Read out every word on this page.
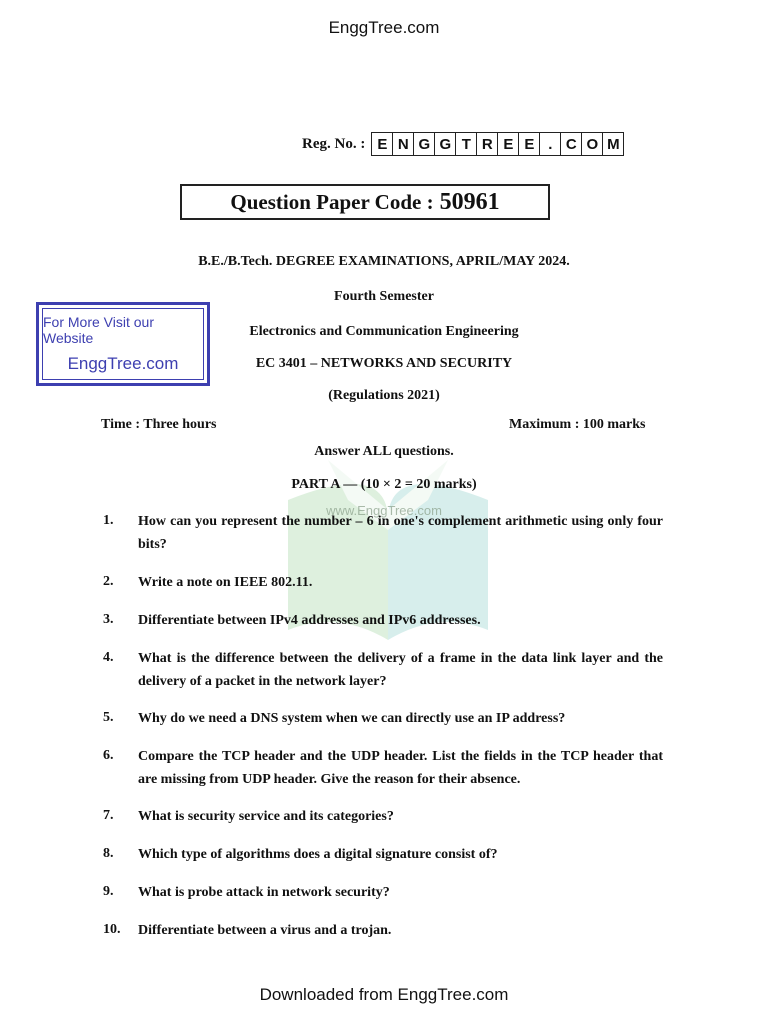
EnggTree.com
www.EnggTree.com
Reg. No. : E N G G T R E E . C O M
Question Paper Code : 50961
B.E./B.Tech. DEGREE EXAMINATIONS, APRIL/MAY 2024.
Fourth Semester
Electronics and Communication Engineering
EC 3401 – NETWORKS AND SECURITY
(Regulations 2021)
For More Visit our Website
EnggTree.com
Time : Three hours	Maximum : 100 marks
Answer ALL questions.
PART A — (10 × 2 = 20 marks)
1. How can you represent the number – 6 in one's complement arithmetic using only four bits?
2. Write a note on IEEE 802.11.
3. Differentiate between IPv4 addresses and IPv6 addresses.
4. What is the difference between the delivery of a frame in the data link layer and the delivery of a packet in the network layer?
5. Why do we need a DNS system when we can directly use an IP address?
6. Compare the TCP header and the UDP header. List the fields in the TCP header that are missing from UDP header. Give the reason for their absence.
7. What is security service and its categories?
8. Which type of algorithms does a digital signature consist of?
9. What is probe attack in network security?
10. Differentiate between a virus and a trojan.
Downloaded from EnggTree.com
